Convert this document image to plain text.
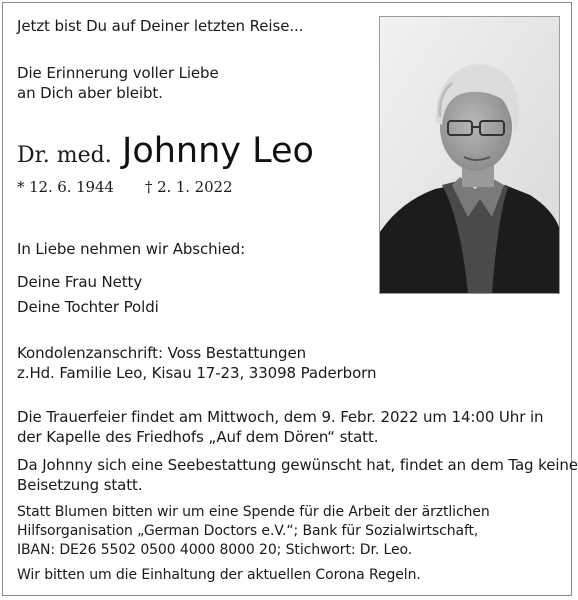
Jetzt bist Du auf Deiner letzten Reise...
Die Erinnerung voller Liebe
an Dich aber bleibt.
Dr. med. Johnny Leo
* 12. 6. 1944 † 2. 1. 2022
In Liebe nehmen wir Abschied:
Deine Frau Netty
Deine Tochter Poldi
Kondolenzanschrift: Voss Bestattungen
z.Hd. Familie Leo, Kisau 17-23, 33098 Paderborn
Die Trauerfeier findet am Mittwoch, dem 9. Febr. 2022 um 14:00 Uhr in
der Kapelle des Friedhofs „Auf dem Dören“ statt.
Da Johnny sich eine Seebestattung gewünscht hat, findet an dem Tag keine
Beisetzung statt.
Statt Blumen bitten wir um eine Spende für die Arbeit der ärztlichen
Hilfsorganisation „German Doctors e.V.“; Bank für Sozialwirtschaft,
IBAN: DE26 5502 0500 4000 8000 20; Stichwort: Dr. Leo.
Wir bitten um die Einhaltung der aktuellen Corona Regeln.
